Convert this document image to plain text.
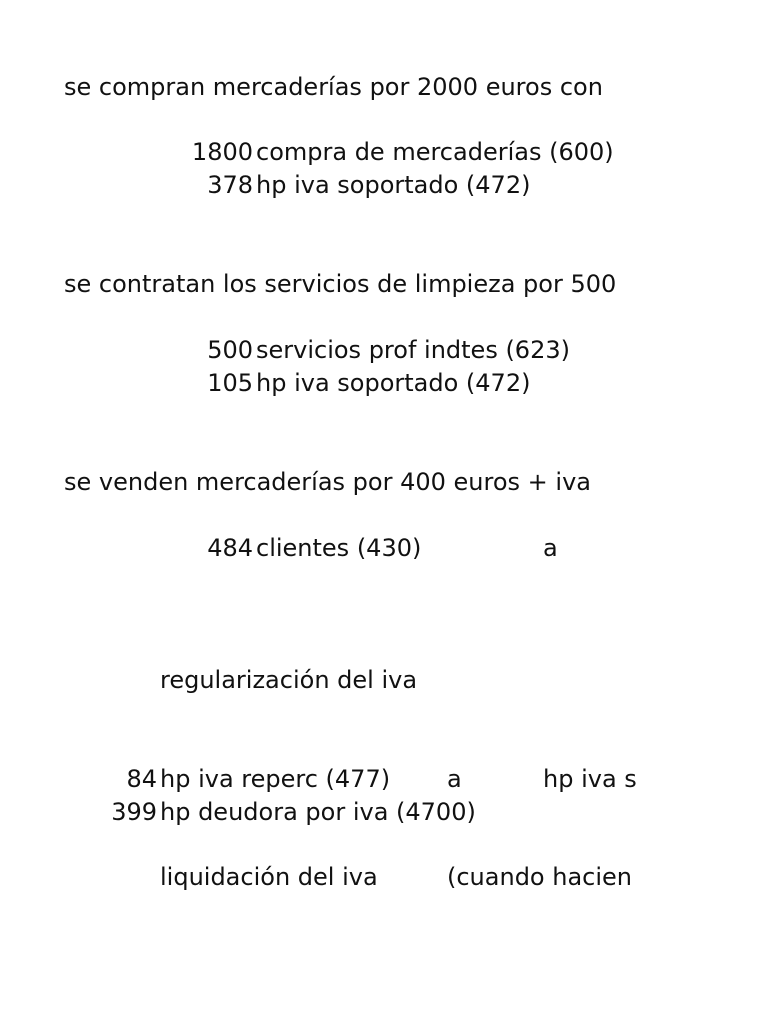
se compran mercaderías por 2000 euros con
1800 compra de mercaderías (600)
378 hp iva soportado (472)
se contratan los servicios de limpieza por 500
500 servicios prof indtes (623)
105 hp iva soportado (472)
se venden mercaderías por 400 euros + iva
484 clientes (430)	a
regularización del iva
84 hp iva reperc (477) a	hp iva s
399 hp deudora por iva (4700)
liquidación del iva	(cuando hacien
